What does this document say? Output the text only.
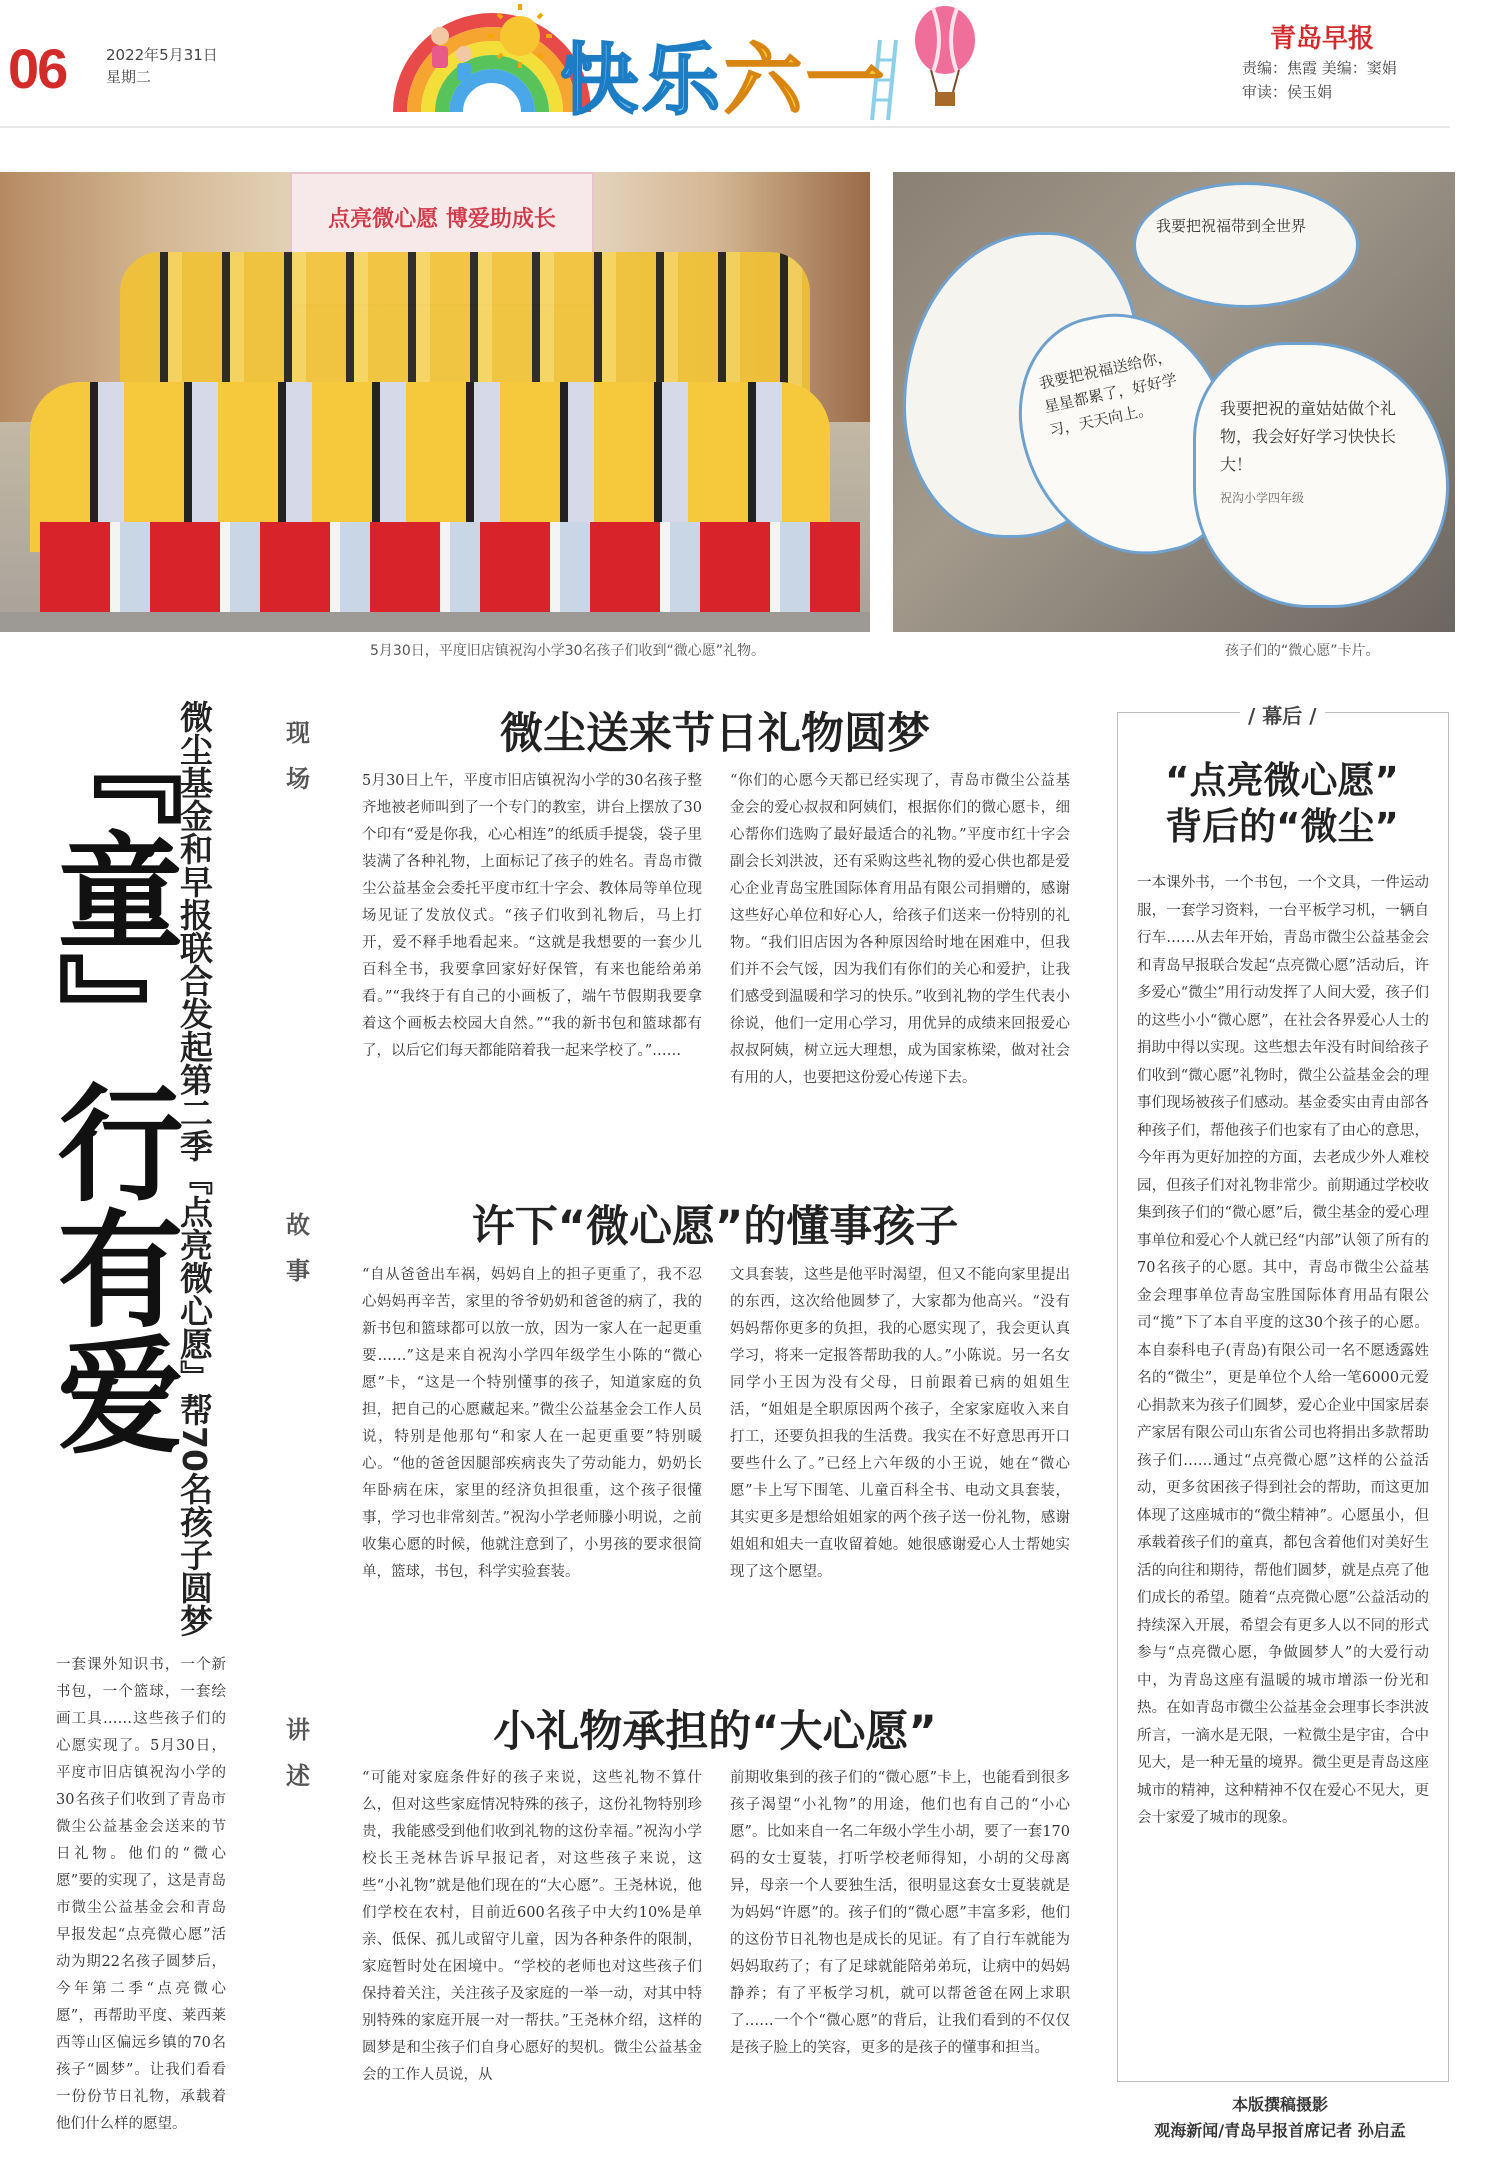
06	2022年5月31日
星期二	快乐六一	青岛早报
责编：焦霞 美编：窦娟
审读：侯玉娟
点亮微心愿 博爱助成长
5月30日，平度旧店镇祝沟小学30名孩子们收到“微心愿”礼物。
我要把祝福带到全世界
我要把祝福送给你，星星都累了，好好学习，天天向上。	我要把祝的童姑姑做个礼物，我会好好学习快快长大！
祝沟小学四年级
孩子们的“微心愿”卡片。
『童』行有爱
微尘基金和早报联合发起第二季『点亮微心愿』帮70名孩子圆梦
一套课外知识书，一个新书包，一个篮球，一套绘画工具……这些孩子们的心愿实现了。5月30日，平度市旧店镇祝沟小学的30名孩子们收到了青岛市微尘公益基金会送来的节日礼物。他们的“微心愿”要的实现了，这是青岛市微尘公益基金会和青岛早报发起“点亮微心愿”活动为期22名孩子圆梦后，今年第二季“点亮微心愿”，再帮助平度、莱西莱西等山区偏远乡镇的70名孩子“圆梦”。让我们看看一份份节日礼物，承载着他们什么样的愿望。
现场
微尘送来节日礼物圆梦
5月30日上午，平度市旧店镇祝沟小学的30名孩子整齐地被老师叫到了一个专门的教室，讲台上摆放了30个印有“爱是你我，心心相连”的纸质手提袋，袋子里装满了各种礼物，上面标记了孩子的姓名。青岛市微尘公益基金会委托平度市红十字会、教体局等单位现场见证了发放仪式。“孩子们收到礼物后，马上打开，爱不释手地看起来。“这就是我想要的一套少儿百科全书，我要拿回家好好保管，有来也能给弟弟看。”“我终于有自己的小画板了，端午节假期我要拿着这个画板去校园大自然。”“我的新书包和篮球都有了，以后它们每天都能陪着我一起来学校了。”……
“你们的心愿今天都已经实现了，青岛市微尘公益基金会的爱心叔叔和阿姨们，根据你们的微心愿卡，细心帮你们选购了最好最适合的礼物。”平度市红十字会副会长刘洪波，还有采购这些礼物的爱心供也都是爱心企业青岛宝胜国际体育用品有限公司捐赠的，感谢这些好心单位和好心人，给孩子们送来一份特别的礼物。“我们旧店因为各种原因给时地在困难中，但我们并不会气馁，因为我们有你们的关心和爱护，让我们感受到温暖和学习的快乐。”收到礼物的学生代表小徐说，他们一定用心学习，用优异的成绩来回报爱心叔叔阿姨，树立远大理想，成为国家栋梁，做对社会有用的人，也要把这份爱心传递下去。
故事
许下“微心愿”的懂事孩子
“自从爸爸出车祸，妈妈自上的担子更重了，我不忍心妈妈再辛苦，家里的爷爷奶奶和爸爸的病了，我的新书包和篮球都可以放一放，因为一家人在一起更重要……”这是来自祝沟小学四年级学生小陈的“微心愿”卡，“这是一个特别懂事的孩子，知道家庭的负担，把自己的心愿藏起来。”微尘公益基金会工作人员说，特别是他那句“和家人在一起更重要”特别暖心。“他的爸爸因腿部疾病丧失了劳动能力，奶奶长年卧病在床，家里的经济负担很重，这个孩子很懂事，学习也非常刻苦。”祝沟小学老师滕小明说，之前收集心愿的时候，他就注意到了，小男孩的要求很简单，篮球，书包，科学实验套装。
文具套装，这些是他平时渴望，但又不能向家里提出的东西，这次给他圆梦了，大家都为他高兴。“没有妈妈帮你更多的负担，我的心愿实现了，我会更认真学习，将来一定报答帮助我的人。”小陈说。另一名女同学小王因为没有父母，日前跟着已病的姐姐生活，“姐姐是全职原因两个孩子，全家家庭收入来自打工，还要负担我的生活费。我实在不好意思再开口要些什么了。”已经上六年级的小王说，她在“微心愿”卡上写下围笔、儿童百科全书、电动文具套装，其实更多是想给姐姐家的两个孩子送一份礼物，感谢姐姐和姐夫一直收留着她。她很感谢爱心人士帮她实现了这个愿望。
讲述
小礼物承担的“大心愿”
“可能对家庭条件好的孩子来说，这些礼物不算什么，但对这些家庭情况特殊的孩子，这份礼物特别珍贵，我能感受到他们收到礼物的这份幸福。”祝沟小学校长王尧林告诉早报记者，对这些孩子来说，这些“小礼物”就是他们现在的“大心愿”。王尧林说，他们学校在农村，目前近600名孩子中大约10%是单亲、低保、孤儿或留守儿童，因为各种条件的限制，家庭暂时处在困境中。“学校的老师也对这些孩子们保持着关注，关注孩子及家庭的一举一动，对其中特别特殊的家庭开展一对一帮扶。”王尧林介绍，这样的圆梦是和尘孩子们自身心愿好的契机。微尘公益基金会的工作人员说，从
前期收集到的孩子们的“微心愿”卡上，也能看到很多孩子渴望“小礼物”的用途，他们也有自己的“小心愿”。比如来自一名二年级小学生小胡，要了一套170码的女士夏装，打听学校老师得知，小胡的父母离异，母亲一个人要独生活，很明显这套女士夏装就是为妈妈“许愿”的。孩子们的“微心愿”丰富多彩，他们的这份节日礼物也是成长的见证。有了自行车就能为妈妈取药了；有了足球就能陪弟弟玩，让病中的妈妈静养；有了平板学习机，就可以帮爸爸在网上求职了……一个个“微心愿”的背后，让我们看到的不仅仅是孩子脸上的笑容，更多的是孩子的懂事和担当。
/ 幕后 /
“点亮微心愿”
背后的“微尘”
一本课外书，一个书包，一个文具，一件运动服，一套学习资料，一台平板学习机，一辆自行车……从去年开始，青岛市微尘公益基金会和青岛早报联合发起“点亮微心愿”活动后，许多爱心“微尘”用行动发挥了人间大爱，孩子们的这些小小“微心愿”，在社会各界爱心人士的捐助中得以实现。这些想去年没有时间给孩子们收到“微心愿”礼物时，微尘公益基金会的理事们现场被孩子们感动。基金委实由青由部各种孩子们，帮他孩子们也家有了由心的意思，今年再为更好加控的方面，去老成少外人难校园，但孩子们对礼物非常少。前期通过学校收集到孩子们的“微心愿”后，微尘基金的爱心理事单位和爱心个人就已经“内部”认领了所有的70名孩子的心愿。其中，青岛市微尘公益基金会理事单位青岛宝胜国际体育用品有限公司“揽”下了本自平度的这30个孩子的心愿。本自泰科电子(青岛)有限公司一名不愿透露姓名的“微尘”，更是单位个人给一笔6000元爱心捐款来为孩子们圆梦，爱心企业中国家居泰产家居有限公司山东省公司也将捐出多款帮助孩子们……通过“点亮微心愿”这样的公益活动，更多贫困孩子得到社会的帮助，而这更加体现了这座城市的“微尘精神”。心愿虽小，但承载着孩子们的童真，都包含着他们对美好生活的向往和期待，帮他们圆梦，就是点亮了他们成长的希望。随着“点亮微心愿”公益活动的持续深入开展，希望会有更多人以不同的形式参与“点亮微心愿，争做圆梦人”的大爱行动中，为青岛这座有温暖的城市增添一份光和热。在如青岛市微尘公益基金会理事长李洪波所言，一滴水是无限，一粒微尘是宇宙，合中见大，是一种无量的境界。微尘更是青岛这座城市的精神，这种精神不仅在爱心不见大，更会十家爱了城市的现象。
本版撰稿摄影
观海新闻/青岛早报首席记者 孙启孟
